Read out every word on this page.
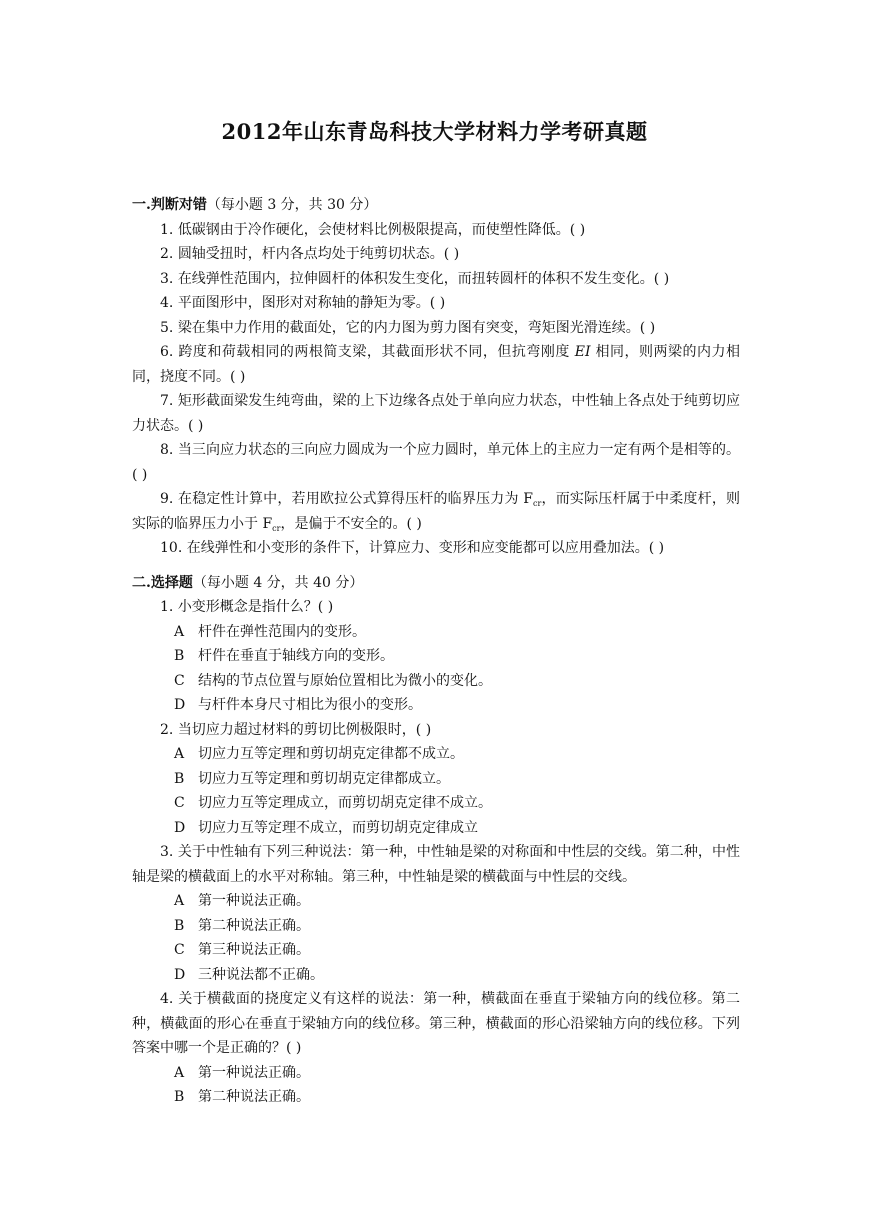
2012年山东青岛科技大学材料力学考研真题
一.判断对错（每小题 3 分，共 30 分）
1. 低碳钢由于冷作硬化，会使材料比例极限提高，而使塑性降低。( )
2. 圆轴受扭时，杆内各点均处于纯剪切状态。( )
3. 在线弹性范围内，拉伸圆杆的体积发生变化，而扭转圆杆的体积不发生变化。( )
4. 平面图形中，图形对对称轴的静矩为零。( )
5. 梁在集中力作用的截面处，它的内力图为剪力图有突变，弯矩图光滑连续。( )
6. 跨度和荷载相同的两根简支梁，其截面形状不同，但抗弯刚度 EI 相同，则两梁的内力相同，挠度不同。( )
7. 矩形截面梁发生纯弯曲，梁的上下边缘各点处于单向应力状态，中性轴上各点处于纯剪切应力状态。( )
8. 当三向应力状态的三向应力圆成为一个应力圆时，单元体上的主应力一定有两个是相等的。( )
9. 在稳定性计算中，若用欧拉公式算得压杆的临界压力为 $F_{cr}$，而实际压杆属于中柔度杆，则实际的临界压力小于 $F_{cr}$，是偏于不安全的。( )
10. 在线弹性和小变形的条件下，计算应力、变形和应变能都可以应用叠加法。( )
二.选择题（每小题 4 分，共 40 分）
1. 小变形概念是指什么？( )
A 杆件在弹性范围内的变形。
B 杆件在垂直于轴线方向的变形。
C 结构的节点位置与原始位置相比为微小的变化。
D 与杆件本身尺寸相比为很小的变形。
2. 当切应力超过材料的剪切比例极限时，( )
A 切应力互等定理和剪切胡克定律都不成立。
B 切应力互等定理和剪切胡克定律都成立。
C 切应力互等定理成立，而剪切胡克定律不成立。
D 切应力互等定理不成立，而剪切胡克定律成立
3. 关于中性轴有下列三种说法：第一种，中性轴是梁的对称面和中性层的交线。第二种，中性轴是梁的横截面上的水平对称轴。第三种，中性轴是梁的横截面与中性层的交线。
A 第一种说法正确。
B 第二种说法正确。
C 第三种说法正确。
D 三种说法都不正确。
4. 关于横截面的挠度定义有这样的说法：第一种，横截面在垂直于梁轴方向的线位移。第二种，横截面的形心在垂直于梁轴方向的线位移。第三种，横截面的形心沿梁轴方向的线位移。下列答案中哪一个是正确的？( )
A 第一种说法正确。
B 第二种说法正确。
